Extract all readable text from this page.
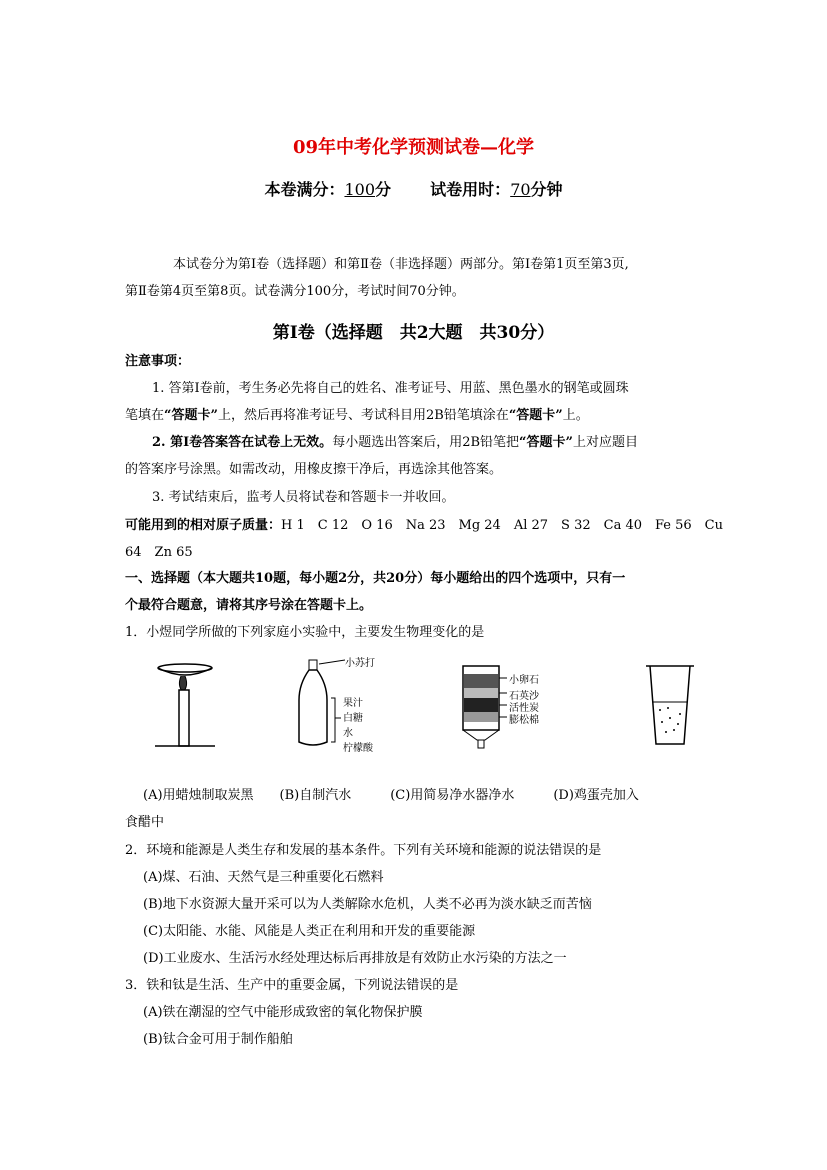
09年中考化学预测试卷—化学
本卷满分：100分 试卷用时：70分钟
本试卷分为第Ⅰ卷（选择题）和第Ⅱ卷（非选择题）两部分。第Ⅰ卷第1页至第3页,
第Ⅱ卷第4页至第8页。试卷满分100分，考试时间70分钟。
第Ⅰ卷（选择题　共2大题　共30分）
注意事项：
1. 答第Ⅰ卷前，考生务必先将自己的姓名、准考证号、用蓝、黑色墨水的钢笔或圆珠
笔填在“答题卡”上，然后再将准考证号、考试科目用2B铅笔填涂在“答题卡”上。
2. 第Ⅰ卷答案答在试卷上无效。每小题选出答案后，用2B铅笔把“答题卡”上对应题目
的答案序号涂黑。如需改动，用橡皮擦干净后，再选涂其他答案。
3. 考试结束后，监考人员将试卷和答题卡一并收回。
可能用到的相对原子质量：H 1　C 12　O 16　Na 23　Mg 24　Al 27　S 32　Ca 40　Fe 56　Cu
64　Zn 65
一、选择题（本大题共10题，每小题2分，共20分）每小题给出的四个选项中，只有一
个最符合题意，请将其序号涂在答题卡上。
1．小煜同学所做的下列家庭小实验中，主要发生物理变化的是
小苏打
果汁
白糖
水
柠檬酸
小卵石
石英沙
活性炭
膨松棉
(A)用蜡烛制取炭黑　　(B)自制汽水　　　(C)用简易净水器净水　　　(D)鸡蛋壳加入
食醋中
2．环境和能源是人类生存和发展的基本条件。下列有关环境和能源的说法错误的是
(A)煤、石油、天然气是三种重要化石燃料
(B)地下水资源大量开采可以为人类解除水危机，人类不必再为淡水缺乏而苦恼
(C)太阳能、水能、风能是人类正在利用和开发的重要能源
(D)工业废水、生活污水经处理达标后再排放是有效防止水污染的方法之一
3．铁和钛是生活、生产中的重要金属，下列说法错误的是
(A)铁在潮湿的空气中能形成致密的氧化物保护膜
(B)钛合金可用于制作船舶
